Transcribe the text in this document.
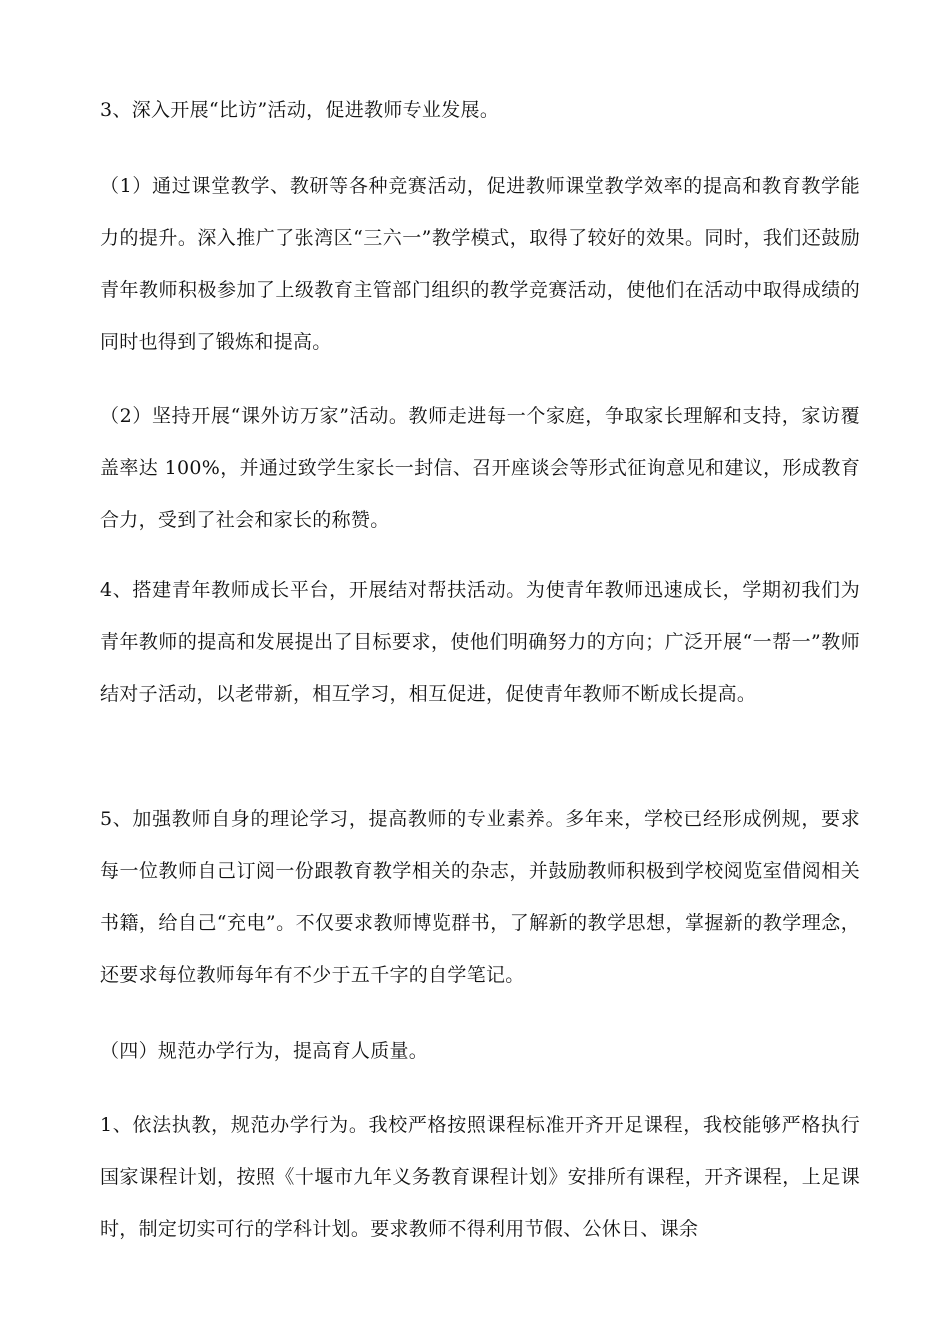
3、深入开展“比访”活动，促进教师专业发展。

（1）通过课堂教学、教研等各种竞赛活动，促进教师课堂教学效率的提高和教育教学能力的提升。深入推广了张湾区“三六一”教学模式，取得了较好的效果。同时，我们还鼓励青年教师积极参加了上级教育主管部门组织的教学竞赛活动，使他们在活动中取得成绩的同时也得到了锻炼和提高。

（2）坚持开展“课外访万家”活动。教师走进每一个家庭，争取家长理解和支持，家访覆盖率达 100%，并通过致学生家长一封信、召开座谈会等形式征询意见和建议，形成教育合力，受到了社会和家长的称赞。

4、搭建青年教师成长平台，开展结对帮扶活动。为使青年教师迅速成长，学期初我们为青年教师的提高和发展提出了目标要求，使他们明确努力的方向；广泛开展“一帮一”教师结对子活动，以老带新，相互学习，相互促进，促使青年教师不断成长提高。

5、加强教师自身的理论学习，提高教师的专业素养。多年来，学校已经形成例规，要求每一位教师自己订阅一份跟教育教学相关的杂志，并鼓励教师积极到学校阅览室借阅相关书籍，给自己“充电”。不仅要求教师博览群书，了解新的教学思想，掌握新的教学理念，还要求每位教师每年有不少于五千字的自学笔记。

（四）规范办学行为，提高育人质量。

1、依法执教，规范办学行为。我校严格按照课程标准开齐开足课程，我校能够严格执行国家课程计划，按照《十堰市九年义务教育课程计划》安排所有课程，开齐课程，上足课时，制定切实可行的学科计划。要求教师不得利用节假、公休日、课余
